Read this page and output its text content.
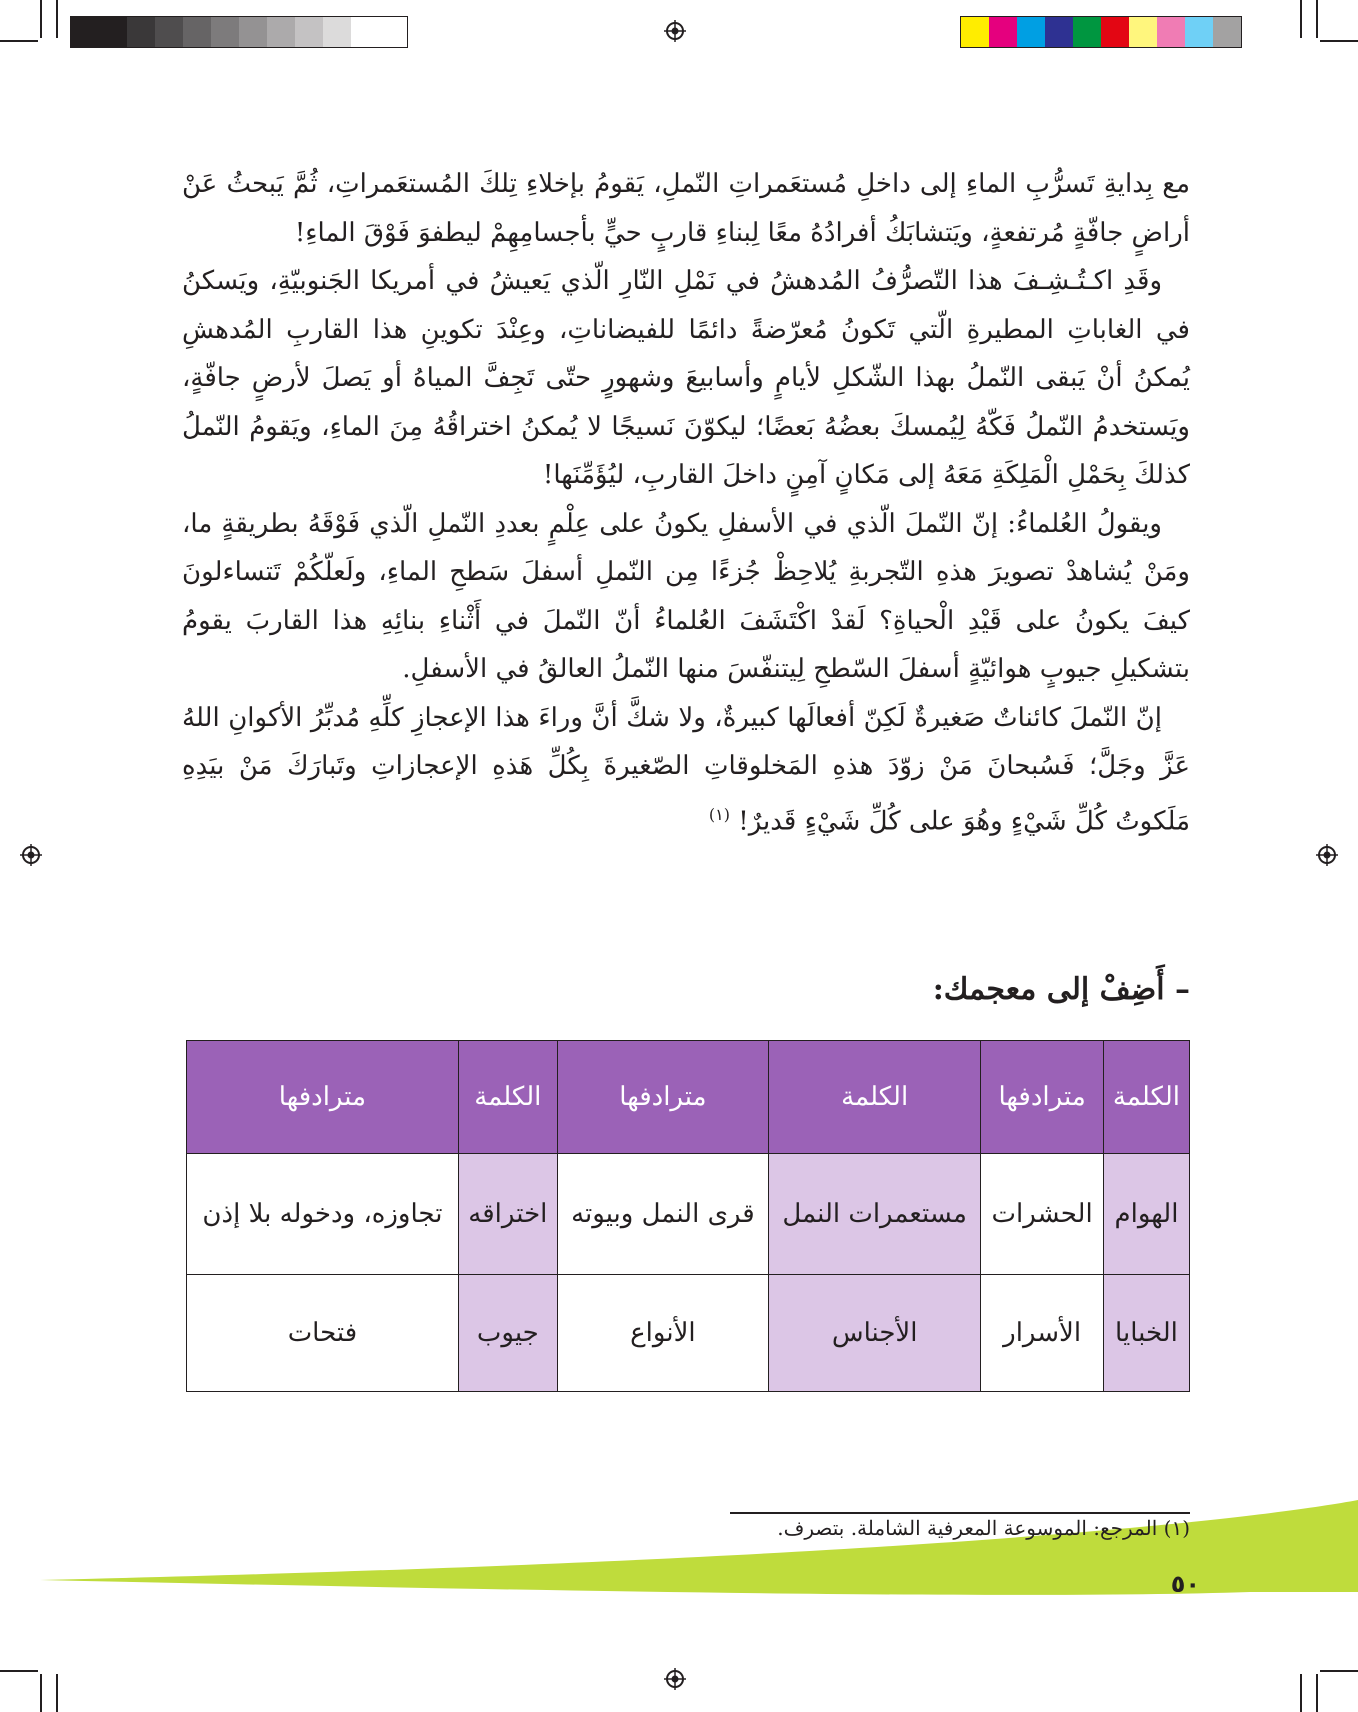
مع بِدايةِ تَسرُّبِ الماءِ إلى داخلِ مُستعَمراتِ النّملِ، يَقومُ بإخلاءِ تِلكَ المُستعَمراتِ، ثُمَّ يَبحثُ عَنْ أراضٍ جافّةٍ مُرتفعةٍ، ويَتشابَكُ أفرادُهُ معًا لِبناءِ قاربٍ حيٍّ بأجسامِهِمْ ليطفوَ فَوْقَ الماءِ!

وقَدِ اكـتُـشِـفَ هذا التّصرُّفُ المُدهشُ في نَمْلِ النّارِ الّذي يَعيشُ في أمريكا الجَنوبيّةِ، ويَسكنُ في الغاباتِ المطيرةِ الّتي تَكونُ مُعرّضةً دائمًا للفيضاناتِ، وعِنْدَ تكوينِ هذا القاربِ المُدهشِ يُمكنُ أنْ يَبقى النّملُ بهذا الشّكلِ لأيامٍ وأسابيعَ وشهورٍ حتّى تَجِفَّ المياهُ أو يَصلَ لأرضٍ جافّةٍ، ويَستخدمُ النّملُ فَكّهُ لِيُمسكَ بعضُهُ بَعضًا؛ ليكوّنَ نَسيجًا لا يُمكنُ اختراقُهُ مِنَ الماءِ، ويَقومُ النّملُ كذلكَ بِحَمْلِ الْمَلِكَةِ مَعَهُ إلى مَكانٍ آمِنٍ داخلَ القاربِ، ليُؤَمِّنَها!

ويقولُ العُلماءُ: إنّ النّملَ الّذي في الأسفلِ يكونُ على عِلْمٍ بعددِ النّملِ الّذي فَوْقَهُ بطريقةٍ ما، ومَنْ يُشاهدْ تصويرَ هذهِ التّجربةِ يُلاحِظْ جُزءًا مِن النّملِ أسفلَ سَطحِ الماءِ، ولَعلّكُمْ تَتساءلونَ كيفَ يكونُ على قَيْدِ الْحياةِ؟ لَقدْ اكْتَشَفَ العُلماءُ أنّ النّملَ في أَثْناءِ بنائِهِ هذا القاربَ يقومُ بتشكيلِ جيوبٍ هوائيّةٍ أسفلَ السّطحِ لِيتنفّسَ منها النّملُ العالقُ في الأسفلِ.

إنّ النّملَ كائناتٌ صَغيرةٌ لَكِنّ أفعالَها كبيرةٌ، ولا شكَّ أنَّ وراءَ هذا الإعجازِ كلِّهِ مُدبِّرُ الأكوانِ اللهُ عَزَّ وجَلَّ؛ فَسُبحانَ مَنْ زوّدَ هذهِ المَخلوقاتِ الصّغيرةَ بِكُلِّ هَذهِ الإعجازاتِ وتَبارَكَ مَنْ بيَدِهِ مَلَكوتُ كُلِّ شَيْءٍ وهُوَ على كُلِّ شَيْءٍ قَديرٌ! $^{(١)}$

– أَضِفْ إلى معجمك:
الكلمة	مترادفها	الكلمة	مترادفها	الكلمة	مترادفها
الهوام	الحشرات	مستعمرات النمل	قرى النمل وبيوته	اختراقه	تجاوزه، ودخوله بلا إذن
الخبايا	الأسرار	الأجناس	الأنواع	جيوب	فتحات
(١) المرجع: الموسوعة المعرفية الشاملة. بتصرف.
٥٠
